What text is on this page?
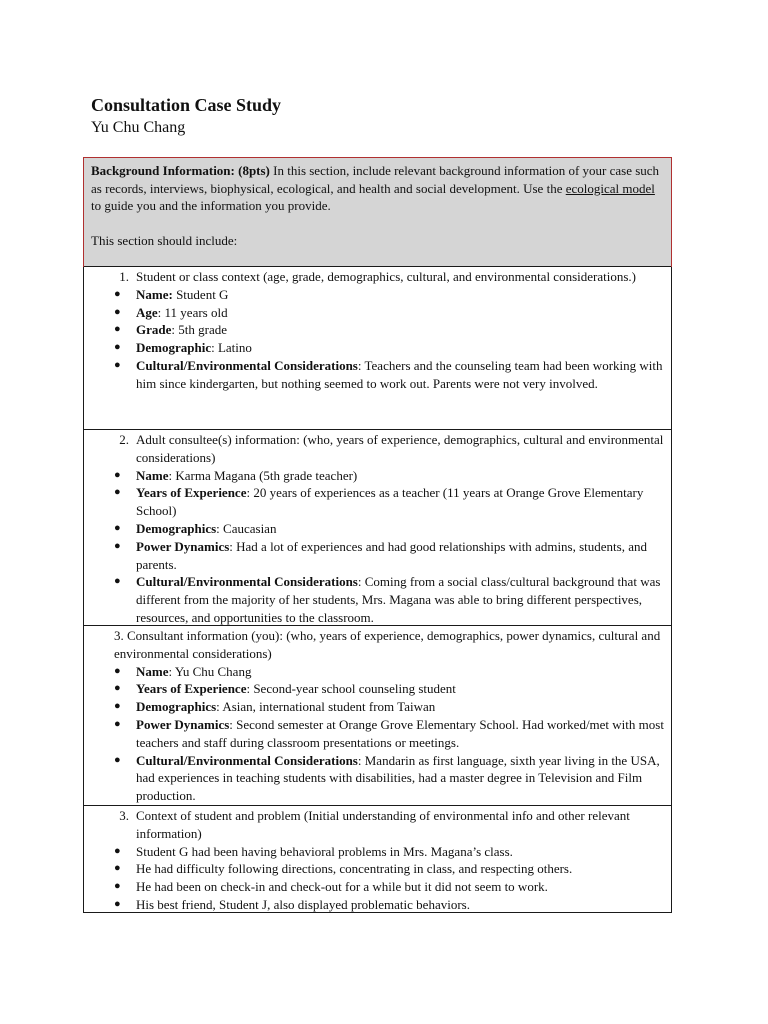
Consultation Case Study
Yu Chu Chang
Background Information: (8pts) In this section, include relevant background information of your case such as records, interviews, biophysical, ecological, and health and social development. Use the ecological model to guide you and the information you provide.
This section should include:
1. Student or class context (age, grade, demographics, cultural, and environmental considerations.)
● Name: Student G
● Age: 11 years old
● Grade: 5th grade
● Demographic: Latino
● Cultural/Environmental Considerations: Teachers and the counseling team had been working with him since kindergarten, but nothing seemed to work out. Parents were not very involved.
2. Adult consultee(s) information: (who, years of experience, demographics, cultural and environmental considerations)
● Name: Karma Magana (5th grade teacher)
● Years of Experience: 20 years of experiences as a teacher (11 years at Orange Grove Elementary School)
● Demographics: Caucasian
● Power Dynamics: Had a lot of experiences and had good relationships with admins, students, and parents.
● Cultural/Environmental Considerations: Coming from a social class/cultural background that was different from the majority of her students, Mrs. Magana was able to bring different perspectives, resources, and opportunities to the classroom.
3. Consultant information (you): (who, years of experience, demographics, power dynamics, cultural and environmental considerations)
● Name: Yu Chu Chang
● Years of Experience: Second-year school counseling student
● Demographics: Asian, international student from Taiwan
● Power Dynamics: Second semester at Orange Grove Elementary School. Had worked/met with most teachers and staff during classroom presentations or meetings.
● Cultural/Environmental Considerations: Mandarin as first language, sixth year living in the USA, had experiences in teaching students with disabilities, had a master degree in Television and Film production.
3. Context of student and problem (Initial understanding of environmental info and other relevant information)
● Student G had been having behavioral problems in Mrs. Magana’s class.
● He had difficulty following directions, concentrating in class, and respecting others.
● He had been on check-in and check-out for a while but it did not seem to work.
● His best friend, Student J, also displayed problematic behaviors.
